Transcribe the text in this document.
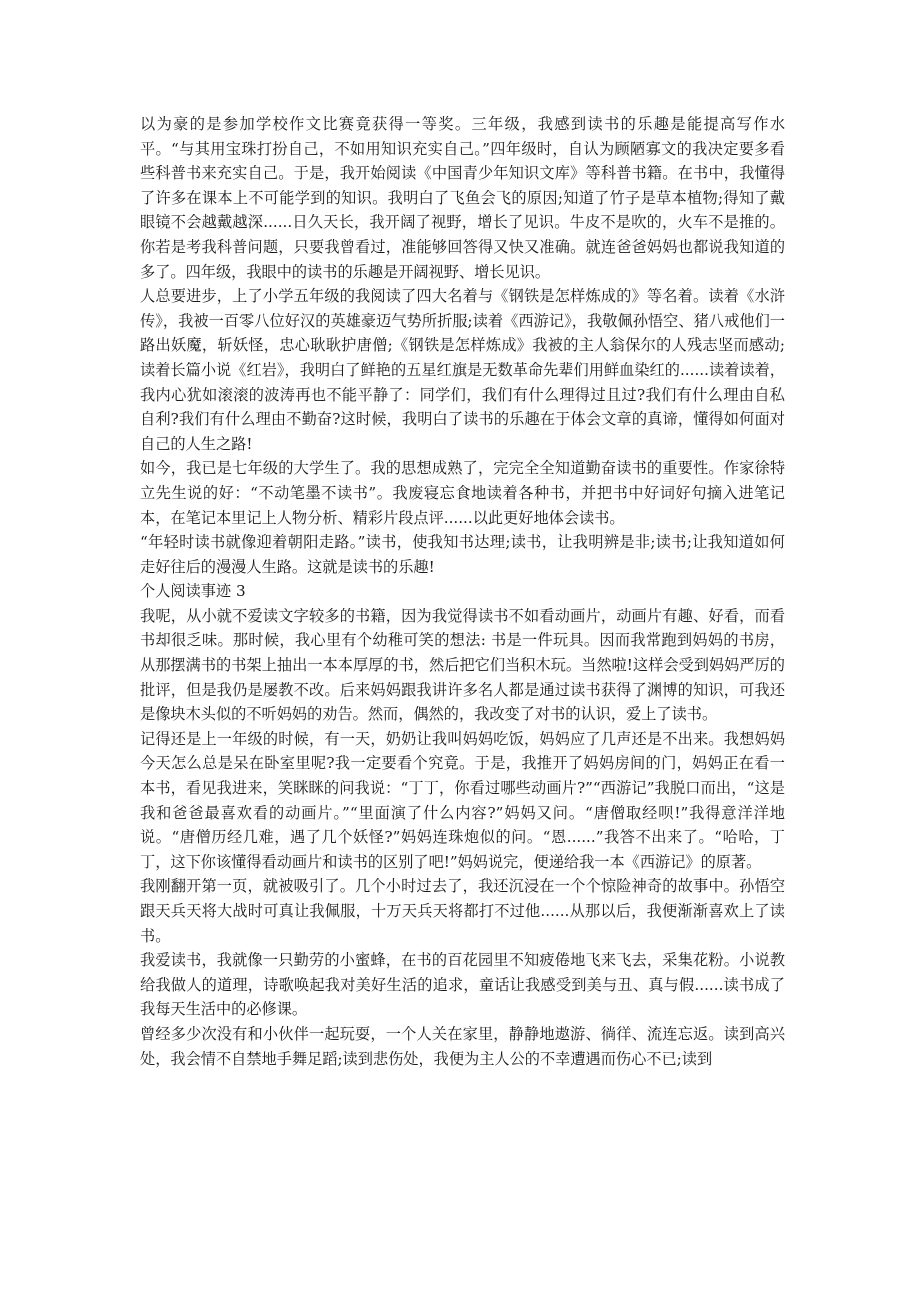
以为豪的是参加学校作文比赛竟获得一等奖。三年级，我感到读书的乐趣是能提高写作水平。“与其用宝珠打扮自己，不如用知识充实自己。”四年级时，自认为顾陋寡文的我决定要多看些科普书来充实自己。于是，我开始阅读《中国青少年知识文库》等科普书籍。在书中，我懂得了许多在课本上不可能学到的知识。我明白了飞鱼会飞的原因;知道了竹子是草本植物;得知了戴眼镜不会越戴越深......日久天长，我开阔了视野，增长了见识。牛皮不是吹的，火车不是推的。你若是考我科普问题，只要我曾看过，准能够回答得又快又准确。就连爸爸妈妈也都说我知道的多了。四年级，我眼中的读书的乐趣是开阔视野、增长见识。

人总要进步，上了小学五年级的我阅读了四大名着与《钢铁是怎样炼成的》等名着。读着《水浒传》，我被一百零八位好汉的英雄豪迈气势所折服;读着《西游记》，我敬佩孙悟空、猪八戒他们一路出妖魔，斩妖怪，忠心耿耿护唐僧;《钢铁是怎样炼成》我被的主人翁保尔的人残志坚而感动;读着长篇小说《红岩》，我明白了鲜艳的五星红旗是无数革命先辈们用鲜血染红的......读着读着，我内心犹如滚滚的波涛再也不能平静了：同学们，我们有什么理得过且过?我们有什么理由自私自利?我们有什么理由不勤奋?这时候，我明白了读书的乐趣在于体会文章的真谛，懂得如何面对自己的人生之路!

如今，我已是七年级的大学生了。我的思想成熟了，完完全全知道勤奋读书的重要性。作家徐特立先生说的好：“不动笔墨不读书”。我废寝忘食地读着各种书，并把书中好词好句摘入进笔记本，在笔记本里记上人物分析、精彩片段点评......以此更好地体会读书。

“年轻时读书就像迎着朝阳走路。”读书，使我知书达理;读书，让我明辨是非;读书;让我知道如何走好往后的漫漫人生路。这就是读书的乐趣!

个人阅读事迹 3

我呢，从小就不爱读文字较多的书籍，因为我觉得读书不如看动画片，动画片有趣、好看，而看书却很乏味。那时候，我心里有个幼稚可笑的想法: 书是一件玩具。因而我常跑到妈妈的书房，从那摆满书的书架上抽出一本本厚厚的书，然后把它们当积木玩。当然啦!这样会受到妈妈严厉的批评，但是我仍是屡教不改。后来妈妈跟我讲许多名人都是通过读书获得了渊博的知识，可我还是像块木头似的不听妈妈的劝告。然而，偶然的，我改变了对书的认识，爱上了读书。

记得还是上一年级的时候，有一天，奶奶让我叫妈妈吃饭，妈妈应了几声还是不出来。我想妈妈今天怎么总是呆在卧室里呢?我一定要看个究竟。于是，我推开了妈妈房间的门，妈妈正在看一本书，看见我进来，笑眯眯的问我说：“丁丁，你看过哪些动画片?”“西游记”我脱口而出，“这是我和爸爸最喜欢看的动画片。”“里面演了什么内容?”妈妈又问。“唐僧取经呗!”我得意洋洋地说。“唐僧历经几难，遇了几个妖怪?”妈妈连珠炮似的问。“恩......”我答不出来了。“哈哈，丁丁，这下你该懂得看动画片和读书的区别了吧!”妈妈说完，便递给我一本《西游记》的原著。

我刚翻开第一页，就被吸引了。几个小时过去了，我还沉浸在一个个惊险神奇的故事中。孙悟空跟天兵天将大战时可真让我佩服，十万天兵天将都打不过他......从那以后，我便渐渐喜欢上了读书。

我爱读书，我就像一只勤劳的小蜜蜂，在书的百花园里不知疲倦地飞来飞去，采集花粉。小说教给我做人的道理，诗歌唤起我对美好生活的追求，童话让我感受到美与丑、真与假......读书成了我每天生活中的必修课。

曾经多少次没有和小伙伴一起玩耍，一个人关在家里，静静地遨游、徜徉、流连忘返。读到高兴处，我会情不自禁地手舞足蹈;读到悲伤处，我便为主人公的不幸遭遇而伤心不已;读到
